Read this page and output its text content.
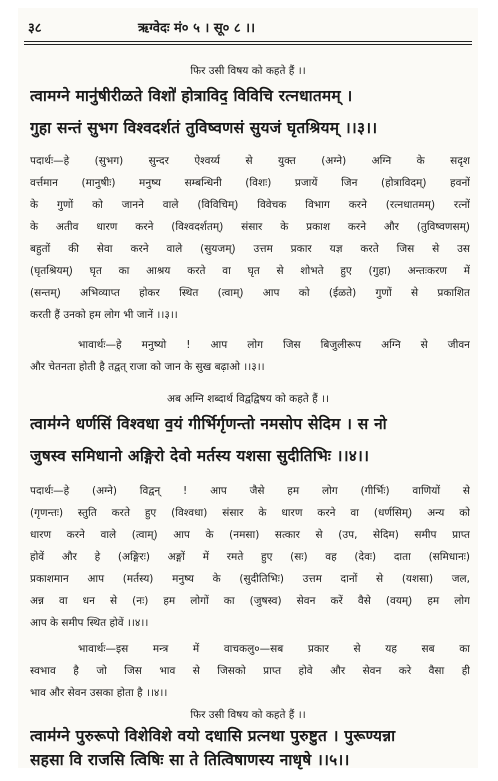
३८	ऋग्वेदः मं० ५ । सू० ८ ।।
फिर उसी विषय को कहते हैं ।।
त्वामग्ने मानु॑षीरीळते विशो॑ होत्राविद॒ विविचि रत्नधातमम् ।
गुहा सन्तं सुभग विश्वदर्शतं तुविष्वणसं सुयजं घृतश्रियम् ।।३।।
पदार्थः—हे (सुभग) सुन्दर ऐश्वर्य्य से युक्त (अग्ने) अग्नि के सदृश
वर्त्तमान (मानुषीः) मनुष्य सम्बन्धिनी (विशः) प्रजायें जिन (होत्राविदम्) हवनों
के गुणों को जानने वाले (विविचिम्) विवेचक विभाग करने (रत्नधातमम्) रत्नों
के अतीव धारण करने (विश्वदर्शतम्) संसार के प्रकाश करने और (तुविष्वणसम्)
बहुतों की सेवा करने वाले (सुयजम्) उत्तम प्रकार यज्ञ करते जिस से उस
(घृतश्रियम्) घृत का आश्रय करते वा घृत से शोभते हुए (गुहा) अन्तःकरण में
(सन्तम्) अभिव्याप्त होकर स्थित (त्वाम्) आप को (ईळते) गुणों से प्रकाशित
करती हैं उनको हम लोग भी जानें ।।३।।
भावार्थः—हे मनुष्यो ! आप लोग जिस बिजुलीरूप अग्नि से जीवन
और चेतनता होती है तद्वत् राजा को जान के सुख बढ़ाओ ।।३।।
अब अग्नि शब्दार्थ विद्वद्विषय को कहते हैं ।।
त्वाम॑ग्ने धर्णसिं विश्वधा व॒यं गीर्भिर्गृणन्तो नमसोप सेदिम । स नो
जुषस्व समिधानो अङ्गिरो देवो मर्तस्य यशसा सुदीतिभिः ।।४।।
पदार्थः—हे (अग्ने) विद्वन् ! आप जैसे हम लोग (गीर्भिः) वाणियों से
(गृणन्तः) स्तुति करते हुए (विश्वधा) संसार के धारण करने वा (धर्णसिम्) अन्य को
धारण करने वाले (त्वाम्) आप के (नमसा) सत्कार से (उप, सेदिम) समीप प्राप्त
होवें और हे (अङ्गिरः) अङ्गों में रमते हुए (सः) वह (देवः) दाता (समिधानः)
प्रकाशमान आप (मर्तस्य) मनुष्य के (सुदीतिभिः) उत्तम दानों से (यशसा) जल,
अन्न वा धन से (नः) हम लोगों का (जुषस्व) सेवन करें वैसे (वयम्) हम लोग
आप के समीप स्थित होवें ।।४।।
भावार्थः—इस मन्त्र में वाचकलु०—सब प्रकार से यह सब का
स्वभाव है जो जिस भाव से जिसको प्राप्त होवे और सेवन करे वैसा ही
भाव और सेवन उसका होता है ।।४।।
फिर उसी विषय को कहते हैं ।।
त्वाम॑ग्ने पुरुरूपो विशेविशे वयो दधासि प्रत्नथा पुरुष्टुत । पुरूण्यन्ना
सहसा वि राजसि त्विषिः सा ते तित्विषाणस्य नाधृषे ।।५।।
